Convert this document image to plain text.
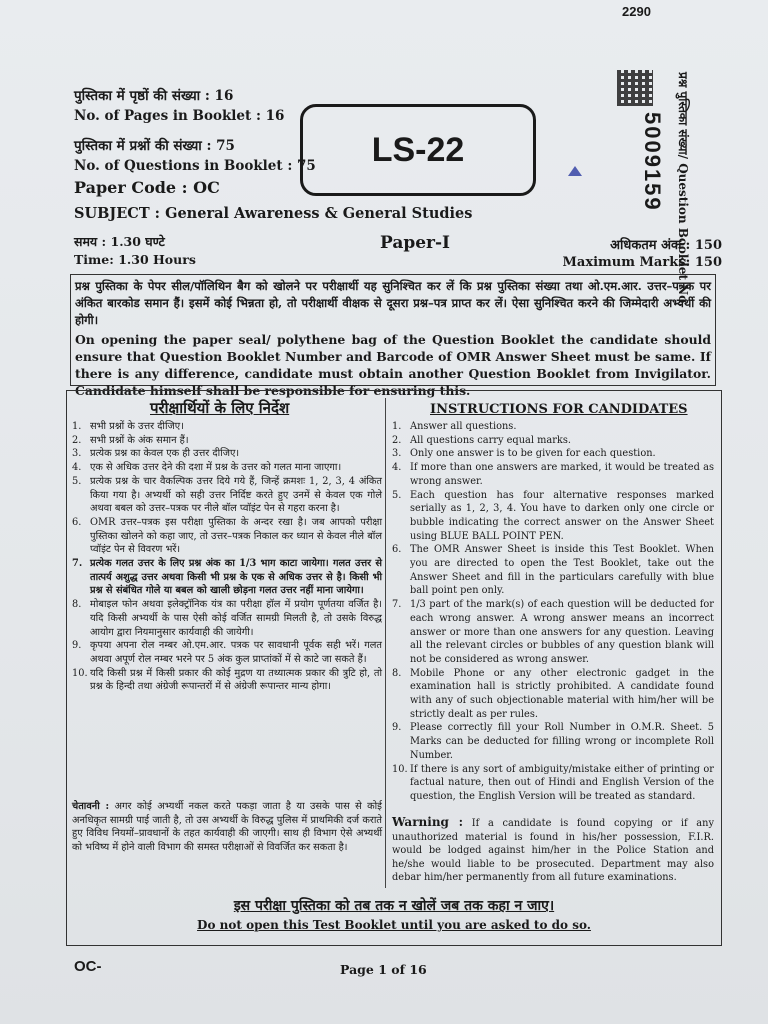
2290
पुस्तिका में पृष्ठों की संख्या : 16
No. of Pages in Booklet : 16
पुस्तिका में प्रश्नों की संख्या : 75
No. of Questions in Booklet : 75
Paper Code : OC
SUBJECT : General Awareness & General Studies
LS-22	5009159 प्रश्न पुस्तिका संख्या/ Question Booklet No.
समय : 1.30 घण्टे
Time: 1.30 Hours
Paper-I	अधिकतम अंक : 150
Maximum Marks: 150

प्रश्न पुस्तिका के पेपर सील/पॉलिथिन बैग को खोलने पर परीक्षार्थी यह सुनिश्चित कर लें कि प्रश्न पुस्तिका संख्या तथा ओ.एम.आर. उत्तर–पत्रक पर अंकित बारकोड समान हैं। इसमें कोई भिन्नता हो, तो परीक्षार्थी वीक्षक से दूसरा प्रश्न–पत्र प्राप्त कर लें। ऐसा सुनिश्चित करने की जिम्मेदारी अभ्यर्थी की होगी।

On opening the paper seal/ polythene bag of the Question Booklet the candidate should ensure that Question Booklet Number and Barcode of OMR Answer Sheet must be same. If there is any difference, candidate must obtain another Question Booklet from Invigilator. Candidate himself shall be responsible for ensuring this.

परीक्षार्थियों के लिए निर्देश	INSTRUCTIONS FOR CANDIDATES
1. सभी प्रश्नों के उत्तर दीजिए।
2. सभी प्रश्नों के अंक समान हैं।
3. प्रत्येक प्रश्न का केवल एक ही उत्तर दीजिए।
4. एक से अधिक उत्तर देने की दशा में प्रश्न के उत्तर को गलत माना जाएगा।
5. प्रत्येक प्रश्न के चार वैकल्पिक उत्तर दिये गये हैं, जिन्हें क्रमशः 1, 2, 3, 4 अंकित किया गया है। अभ्यर्थी को सही उत्तर निर्दिष्ट करते हुए उनमें से केवल एक गोले अथवा बबल को उत्तर–पत्रक पर नीले बॉल प्वॉइंट पेन से गहरा करना है।
6. OMR उत्तर–पत्रक इस परीक्षा पुस्तिका के अन्दर रखा है। जब आपको परीक्षा पुस्तिका खोलने को कहा जाए, तो उत्तर–पत्रक निकाल कर ध्यान से केवल नीले बॉल प्वॉइंट पेन से विवरण भरें।
7. प्रत्येक गलत उत्तर के लिए प्रश्न अंक का 1/3 भाग काटा जायेगा। गलत उत्तर से तात्पर्य अशुद्ध उत्तर अथवा किसी भी प्रश्न के एक से अधिक उत्तर से है। किसी भी प्रश्न से संबंधित गोले या बबल को खाली छोड़ना गलत उत्तर नहीं माना जायेगा।
8. मोबाइल फोन अथवा इलेक्ट्रॉनिक यंत्र का परीक्षा हॉल में प्रयोग पूर्णतया वर्जित है। यदि किसी अभ्यर्थी के पास ऐसी कोई वर्जित सामग्री मिलती है, तो उसके विरुद्ध आयोग द्वारा नियमानुसार कार्यवाही की जायेगी।
9. कृपया अपना रोल नम्बर ओ.एम.आर. पत्रक पर सावधानी पूर्वक सही भरें। गलत अथवा अपूर्ण रोल नम्बर भरने पर 5 अंक कुल प्राप्तांकों में से काटे जा सकते हैं।
10. यदि किसी प्रश्न में किसी प्रकार की कोई मुद्रण या तथ्यात्मक प्रकार की त्रुटि हो, तो प्रश्न के हिन्दी तथा अंग्रेजी रूपान्तरों में से अंग्रेजी रूपान्तर मान्य होगा।
चेतावनी : अगर कोई अभ्यर्थी नकल करते पकड़ा जाता है या उसके पास से कोई अनधिकृत सामग्री पाई जाती है, तो उस अभ्यर्थी के विरुद्ध पुलिस में प्राथमिकी दर्ज कराते हुए विविध नियमों–प्रावधानों के तहत कार्यवाही की जाएगी। साथ ही विभाग ऐसे अभ्यर्थी को भविष्य में होने वाली विभाग की समस्त परीक्षाओं से विवर्जित कर सकता है।
1. Answer all questions.
2. All questions carry equal marks.
3. Only one answer is to be given for each question.
4. If more than one answers are marked, it would be treated as wrong answer.
5. Each question has four alternative responses marked serially as 1, 2, 3, 4. You have to darken only one circle or bubble indicating the correct answer on the Answer Sheet using BLUE BALL POINT PEN.
6. The OMR Answer Sheet is inside this Test Booklet. When you are directed to open the Test Booklet, take out the Answer Sheet and fill in the particulars carefully with blue ball point pen only.
7. 1/3 part of the mark(s) of each question will be deducted for each wrong answer. A wrong answer means an incorrect answer or more than one answers for any question. Leaving all the relevant circles or bubbles of any question blank will not be considered as wrong answer.
8. Mobile Phone or any other electronic gadget in the examination hall is strictly prohibited. A candidate found with any of such objectionable material with him/her will be strictly dealt as per rules.
9. Please correctly fill your Roll Number in O.M.R. Sheet. 5 Marks can be deducted for filling wrong or incomplete Roll Number.
10. If there is any sort of ambiguity/mistake either of printing or factual nature, then out of Hindi and English Version of the question, the English Version will be treated as standard.
Warning : If a candidate is found copying or if any unauthorized material is found in his/her possession, F.I.R. would be lodged against him/her in the Police Station and he/she would liable to be prosecuted. Department may also debar him/her permanently from all future examinations.
इस परीक्षा पुस्तिका को तब तक न खोलें जब तक कहा न जाए।
Do not open this Test Booklet until you are asked to do so.
OC-	Page 1 of 16
